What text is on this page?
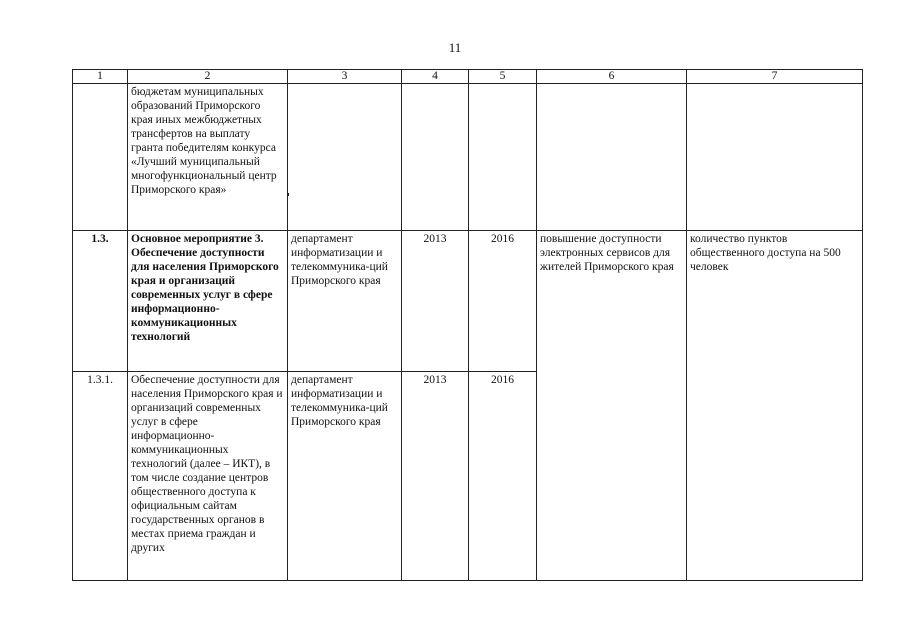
11
1	2	3	4	5	6	7
	бюджетам муниципальных образований Приморского края иных межбюджетных трансфертов на выплату гранта победителям конкурса «Лучший муниципальный многофункциональный центр Приморского края»					
1.3.	Основное мероприятие 3. Обеспечение доступности для населения Приморского края и организаций современных услуг в сфере информационно-коммуникационных технологий	департамент информатизации и телекоммуника-ций Приморского края	2013	2016	повышение доступности электронных сервисов для жителей Приморского края	количество пунктов общественного доступа на 500 человек
1.3.1.	Обеспечение доступности для населения Приморского края и организаций современных услуг в сфере информационно-коммуникационных технологий (далее – ИКТ), в том числе создание центров общественного доступа к официальным сайтам государственных органов в местах приема граждан и других	департамент информатизации и телекоммуника-ций Приморского края	2013	2016		
